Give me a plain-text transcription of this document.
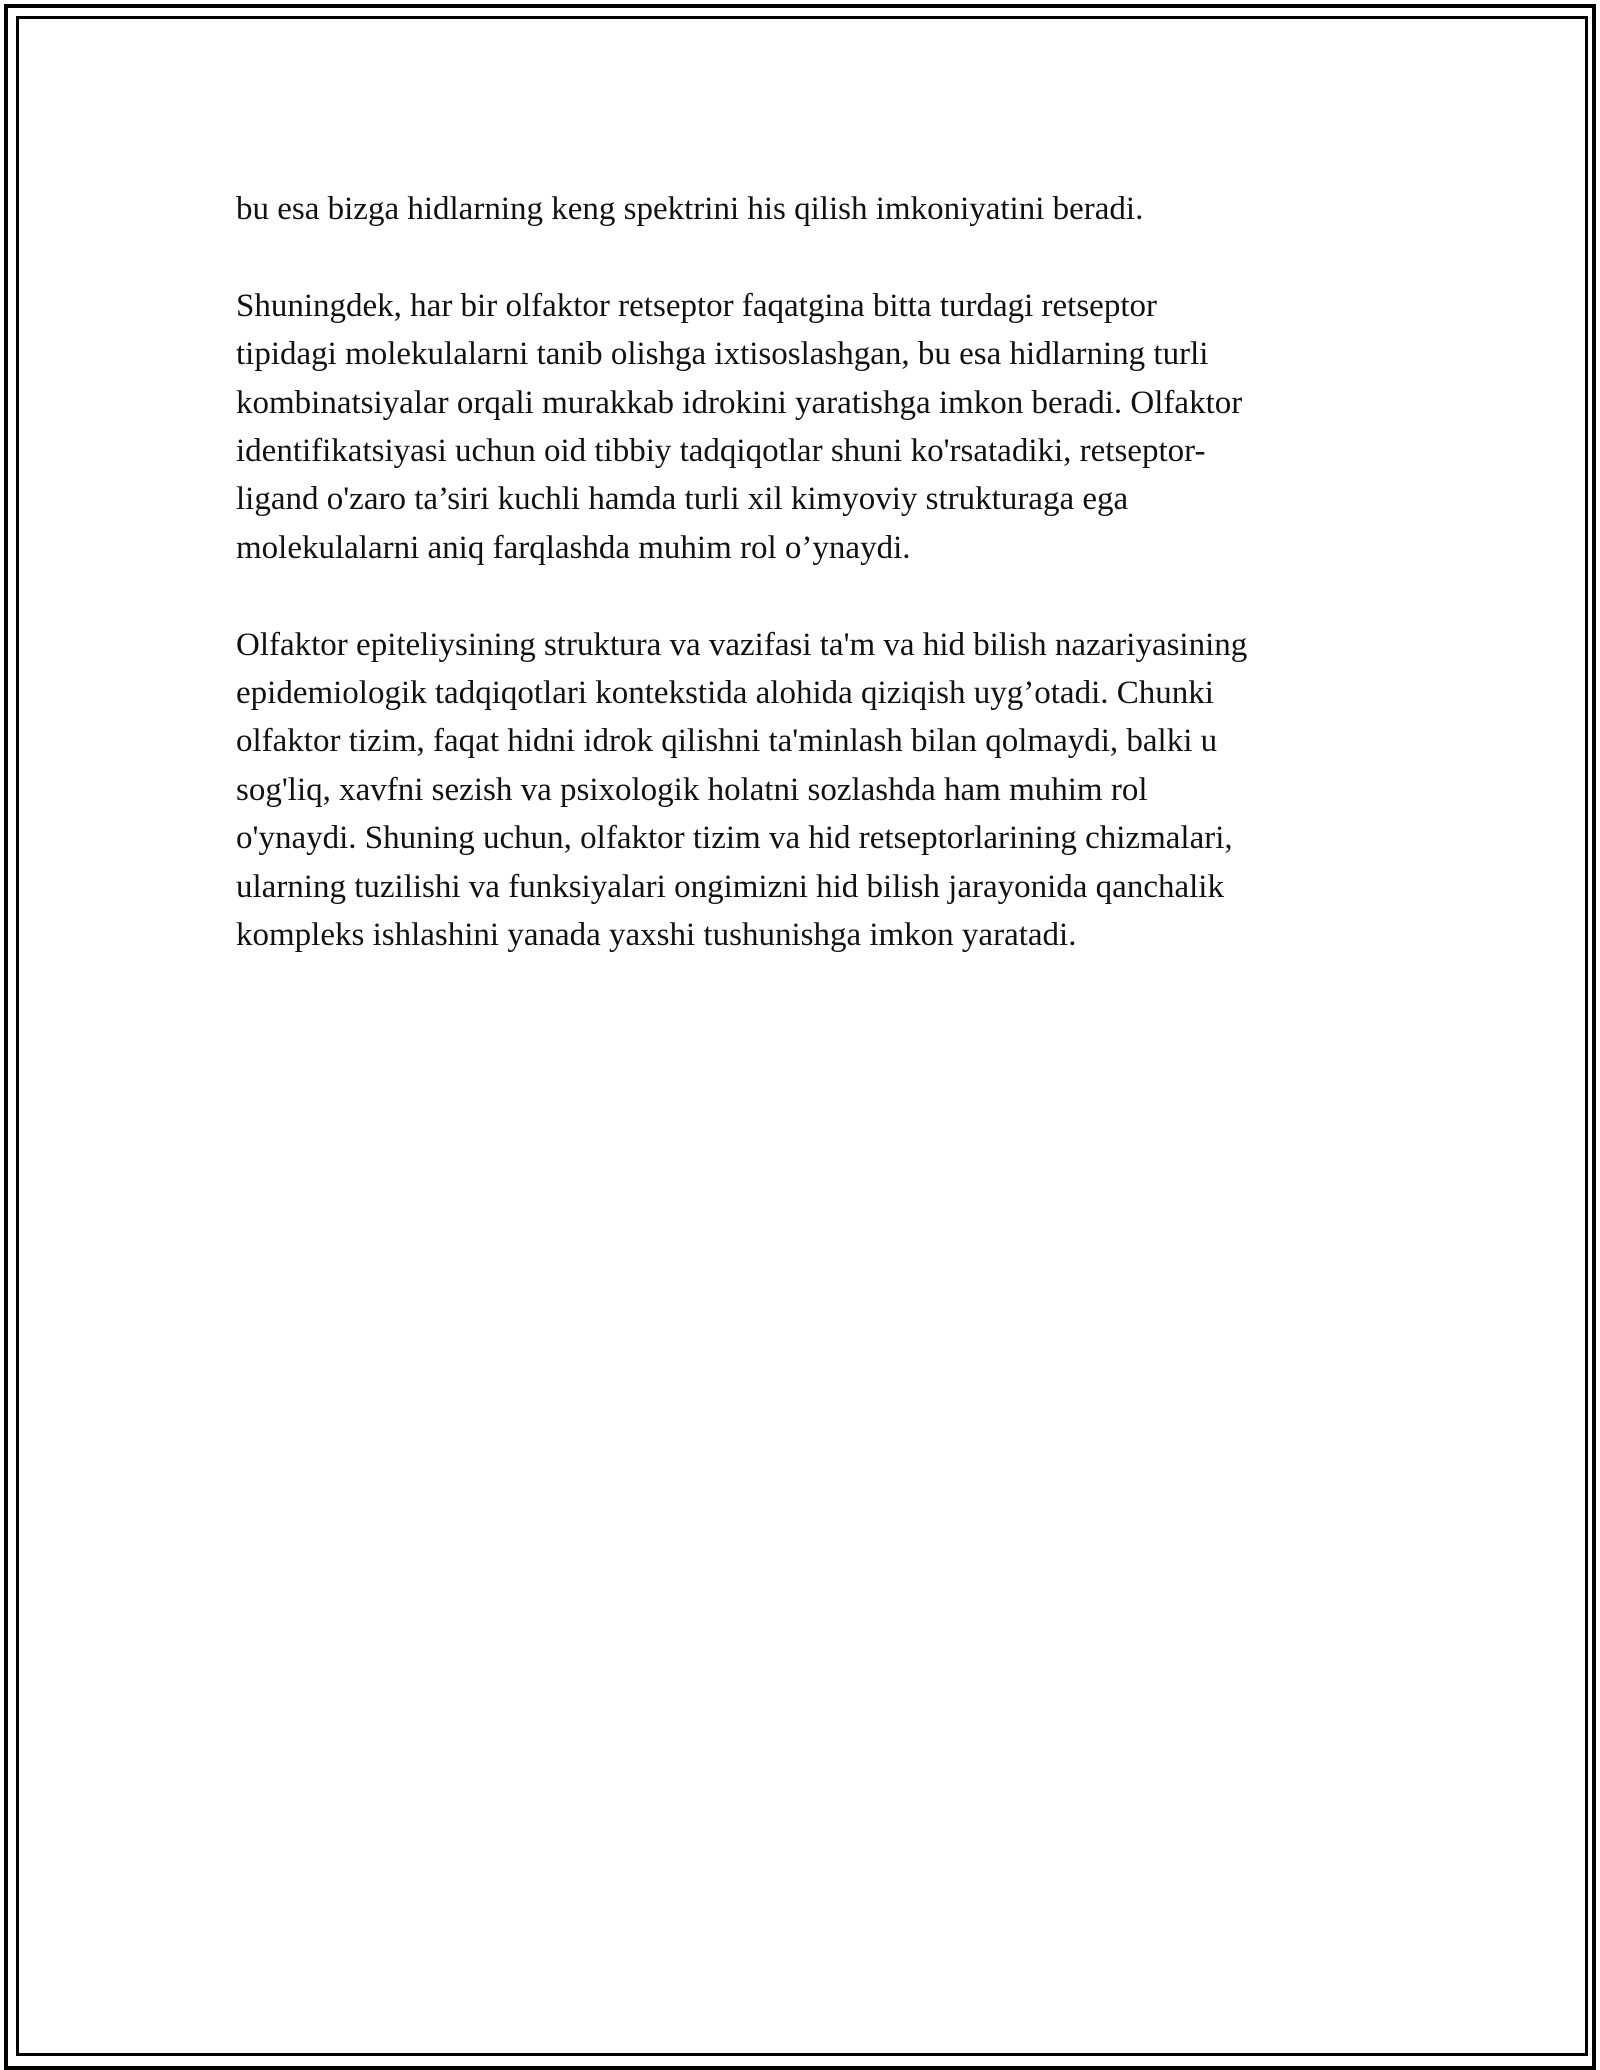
bu esa bizga hidlarning keng spektrini his qilish imkoniyatini beradi.

Shuningdek, har bir olfaktor retseptor faqatgina bitta turdagi retseptor
tipidagi molekulalarni tanib olishga ixtisoslashgan, bu esa hidlarning turli
kombinatsiyalar orqali murakkab idrokini yaratishga imkon beradi. Olfaktor
identifikatsiyasi uchun oid tibbiy tadqiqotlar shuni ko'rsatadiki, retseptor-
ligand o'zaro ta’siri kuchli hamda turli xil kimyoviy strukturaga ega
molekulalarni aniq farqlashda muhim rol o’ynaydi.

Olfaktor epiteliysining struktura va vazifasi ta'm va hid bilish nazariyasining
epidemiologik tadqiqotlari kontekstida alohida qiziqish uyg’otadi. Chunki
olfaktor tizim, faqat hidni idrok qilishni ta'minlash bilan qolmaydi, balki u
sog'liq, xavfni sezish va psixologik holatni sozlashda ham muhim rol
o'ynaydi. Shuning uchun, olfaktor tizim va hid retseptorlarining chizmalari,
ularning tuzilishi va funksiyalari ongimizni hid bilish jarayonida qanchalik
kompleks ishlashini yanada yaxshi tushunishga imkon yaratadi.
